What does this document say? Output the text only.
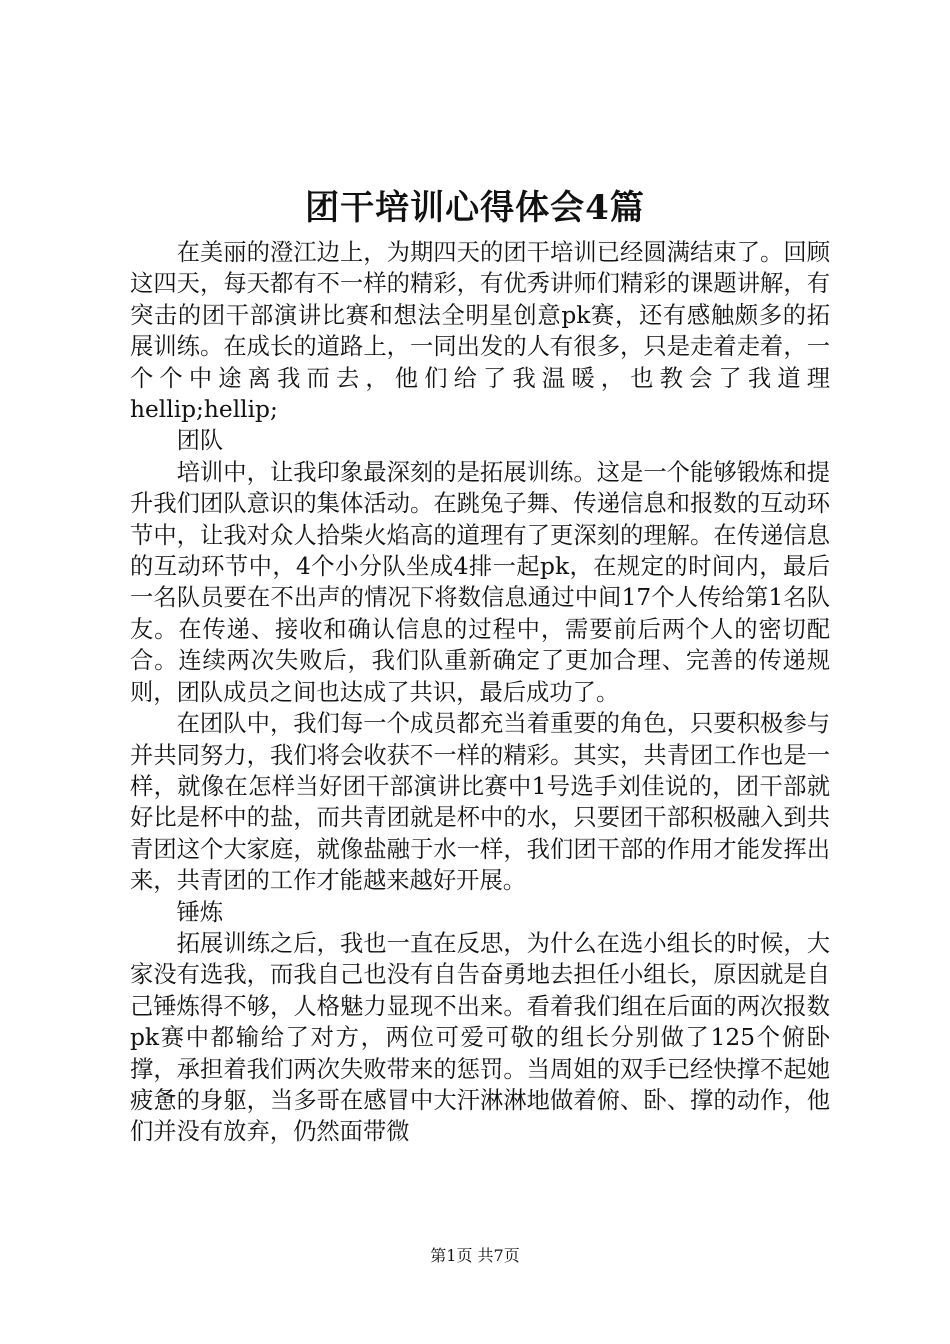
团干培训心得体会4篇

在美丽的澄江边上，为期四天的团干培训已经圆满结束了。回顾这四天，每天都有不一样的精彩，有优秀讲师们精彩的课题讲解，有突击的团干部演讲比赛和想法全明星创意pk赛，还有感触颇多的拓展训练。在成长的道路上，一同出发的人有很多，只是走着走着，一个个中途离我而去，他们给了我温暖，也教会了我道理hellip;hellip;

团队

培训中，让我印象最深刻的是拓展训练。这是一个能够锻炼和提升我们团队意识的集体活动。在跳兔子舞、传递信息和报数的互动环节中，让我对众人拾柴火焰高的道理有了更深刻的理解。在传递信息的互动环节中，4个小分队坐成4排一起pk，在规定的时间内，最后一名队员要在不出声的情况下将数信息通过中间17个人传给第1名队友。在传递、接收和确认信息的过程中，需要前后两个人的密切配合。连续两次失败后，我们队重新确定了更加合理、完善的传递规则，团队成员之间也达成了共识，最后成功了。

在团队中，我们每一个成员都充当着重要的角色，只要积极参与并共同努力，我们将会收获不一样的精彩。其实，共青团工作也是一样，就像在怎样当好团干部演讲比赛中1号选手刘佳说的，团干部就好比是杯中的盐，而共青团就是杯中的水，只要团干部积极融入到共青团这个大家庭，就像盐融于水一样，我们团干部的作用才能发挥出来，共青团的工作才能越来越好开展。

锤炼

拓展训练之后，我也一直在反思，为什么在选小组长的时候，大家没有选我，而我自己也没有自告奋勇地去担任小组长，原因就是自己锤炼得不够，人格魅力显现不出来。看着我们组在后面的两次报数pk赛中都输给了对方，两位可爱可敬的组长分别做了125个俯卧撑，承担着我们两次失败带来的惩罚。当周姐的双手已经快撑不起她疲惫的身躯，当多哥在感冒中大汗淋淋地做着俯、卧、撑的动作，他们并没有放弃，仍然面带微

第1页 共7页
